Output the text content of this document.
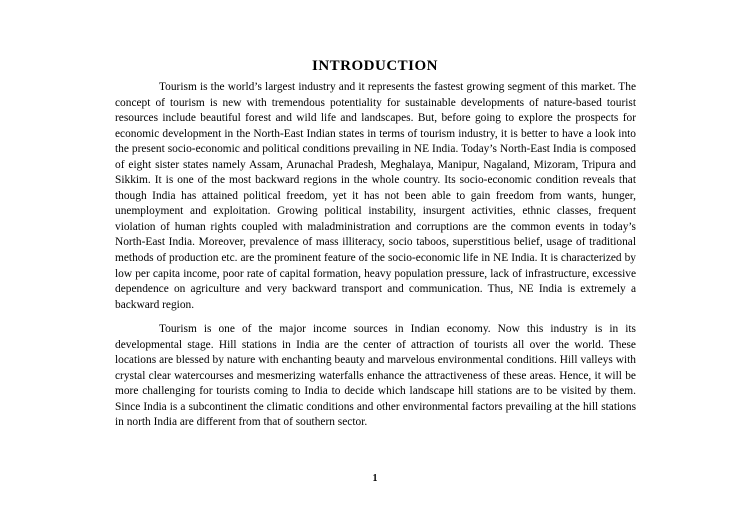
INTRODUCTION

Tourism is the world’s largest industry and it represents the fastest growing segment of this market. The concept of tourism is new with tremendous potentiality for sustainable developments of nature-based tourist resources include beautiful forest and wild life and landscapes. But, before going to explore the prospects for economic development in the North-East Indian states in terms of tourism industry, it is better to have a look into the present socio-economic and political conditions prevailing in NE India. Today’s North-East India is composed of eight sister states namely Assam, Arunachal Pradesh, Meghalaya, Manipur, Nagaland, Mizoram, Tripura and Sikkim. It is one of the most backward regions in the whole country. Its socio-economic condition reveals that though India has attained political freedom, yet it has not been able to gain freedom from wants, hunger, unemployment and exploitation. Growing political instability, insurgent activities, ethnic classes, frequent violation of human rights coupled with maladministration and corruptions are the common events in today’s North-East India. Moreover, prevalence of mass illiteracy, socio taboos, superstitious belief, usage of traditional methods of production etc. are the prominent feature of the socio-economic life in NE India. It is characterized by low per capita income, poor rate of capital formation, heavy population pressure, lack of infrastructure, excessive dependence on agriculture and very backward transport and communication. Thus, NE India is extremely a backward region.

Tourism is one of the major income sources in Indian economy. Now this industry is in its developmental stage. Hill stations in India are the center of attraction of tourists all over the world. These locations are blessed by nature with enchanting beauty and marvelous environmental conditions. Hill valleys with crystal clear watercourses and mesmerizing waterfalls enhance the attractiveness of these areas. Hence, it will be more challenging for tourists coming to India to decide which landscape hill stations are to be visited by them. Since India is a subcontinent the climatic conditions and other environmental factors prevailing at the hill stations in north India are different from that of southern sector.

1
